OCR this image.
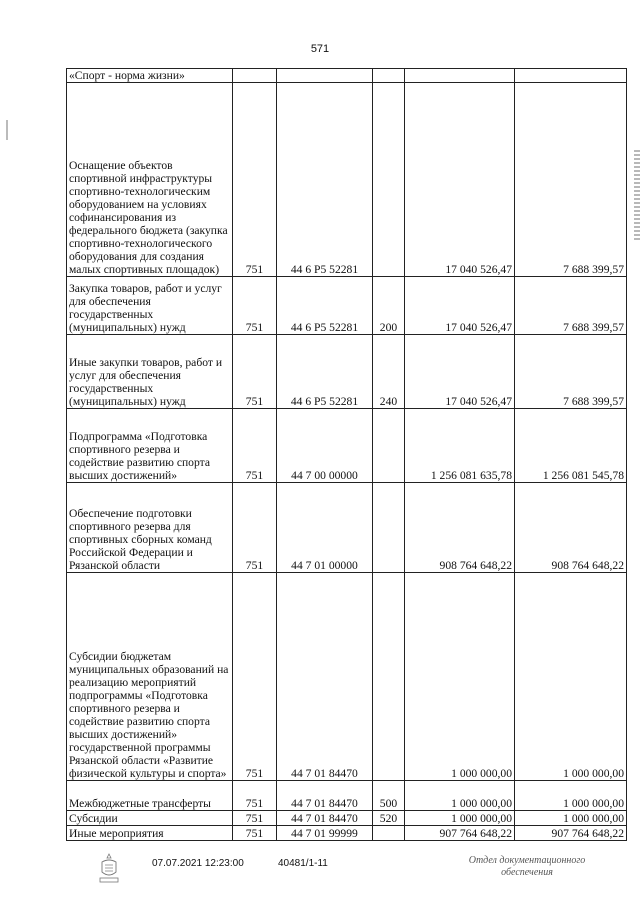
571
«Спорт - норма жизни»					
Оснащение объектов спортивной инфраструктуры спортивно-технологическим оборудованием на условиях софинансирования из федерального бюджета (закупка спортивно-технологического оборудования для создания малых спортивных площадок)	751	44 6 P5 52281		17 040 526,47	7 688 399,57
Закупка товаров, работ и услуг для обеспечения государственных (муниципальных) нужд	751	44 6 P5 52281	200	17 040 526,47	7 688 399,57
Иные закупки товаров, работ и услуг для обеспечения государственных (муниципальных) нужд	751	44 6 P5 52281	240	17 040 526,47	7 688 399,57
Подпрограмма «Подготовка спортивного резерва и содействие развитию спорта высших достижений»	751	44 7 00 00000		1 256 081 635,78	1 256 081 545,78
Обеспечение подготовки спортивного резерва для спортивных сборных команд Российской Федерации и Рязанской области	751	44 7 01 00000		908 764 648,22	908 764 648,22
Субсидии бюджетам муниципальных образований на реализацию мероприятий подпрограммы «Подготовка спортивного резерва и содействие развитию спорта высших достижений» государственной программы Рязанской области «Развитие физической культуры и спорта»	751	44 7 01 84470		1 000 000,00	1 000 000,00
Межбюджетные трансферты	751	44 7 01 84470	500	1 000 000,00	1 000 000,00
Субсидии	751	44 7 01 84470	520	1 000 000,00	1 000 000,00
Иные мероприятия	751	44 7 01 99999		907 764 648,22	907 764 648,22
07.07.2021 12:23:00	40481/1-11	Отдел документационного
обеспечения
